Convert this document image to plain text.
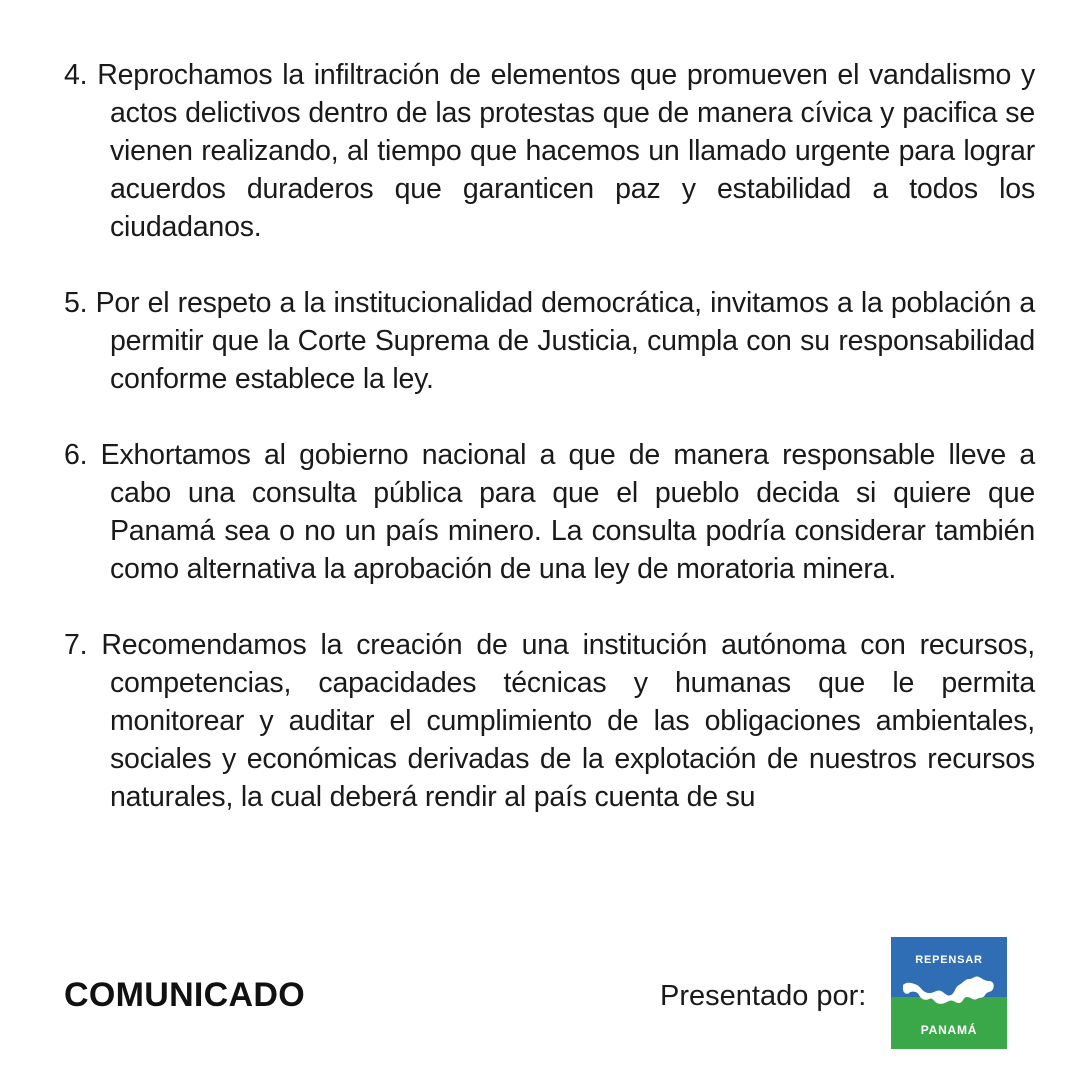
4. Reprochamos la infiltración de elementos que promueven el vandalismo y actos delictivos dentro de las protestas que de manera cívica y pacifica se vienen realizando, al tiempo que hacemos un llamado urgente para lograr acuerdos duraderos que garanticen paz y estabilidad a todos los ciudadanos.

5. Por el respeto a la institucionalidad democrática, invitamos a la población a permitir que la Corte Suprema de Justicia, cumpla con su responsabilidad conforme establece la ley.

6. Exhortamos al gobierno nacional a que de manera responsable lleve a cabo una consulta pública para que el pueblo decida si quiere que Panamá sea o no un país minero. La consulta podría considerar también como alternativa la aprobación de una ley de moratoria minera.

7. Recomendamos la creación de una institución autónoma con recursos, competencias, capacidades técnicas y humanas que le permita monitorear y auditar el cumplimiento de las obligaciones ambientales, sociales y económicas derivadas de la explotación de nuestros recursos naturales, la cual deberá rendir al país cuenta de su

COMUNICADO	Presentado por:
REPENSAR
PANAMÁ
